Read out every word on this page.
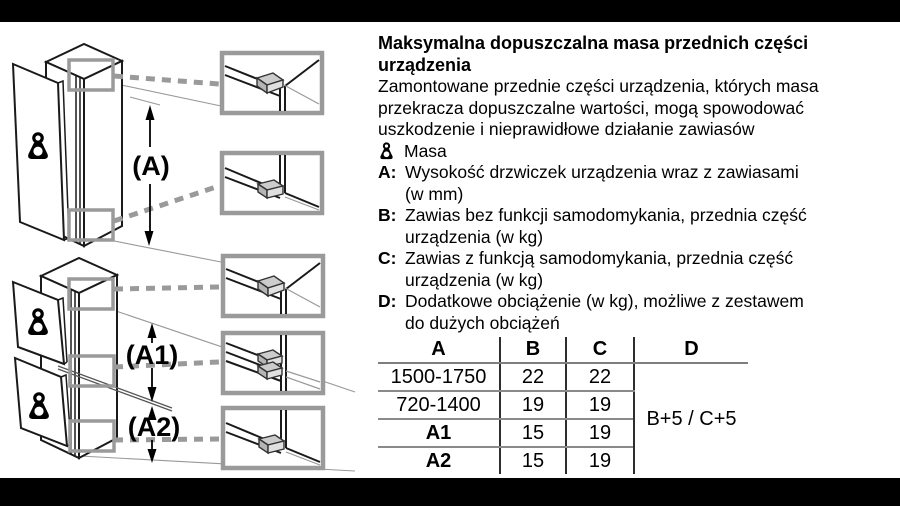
(A)
(A1)
(A2)
Maksymalna dopuszczalna masa przednich części
urządzenia
Zamontowane przednie części urządzenia, których masa
przekracza dopuszczalne wartości, mogą spowodować
uszkodzenie i nieprawidłowe działanie zawiasów
Masa
A: Wysokość drzwiczek urządzenia wraz z zawiasami
(w mm)
B: Zawias bez funkcji samodomykania, przednia część
urządzenia (w kg)
C: Zawias z funkcją samodomykania, przednia część
urządzenia (w kg)
D: Dodatkowe obciążenie (w kg), możliwe z zestawem
do dużych obciążeń
A	B	C	D
1500-1750	22	22	B+5 / C+5
720-1400	19	19	
A1	15	19	
A2	15	19	
